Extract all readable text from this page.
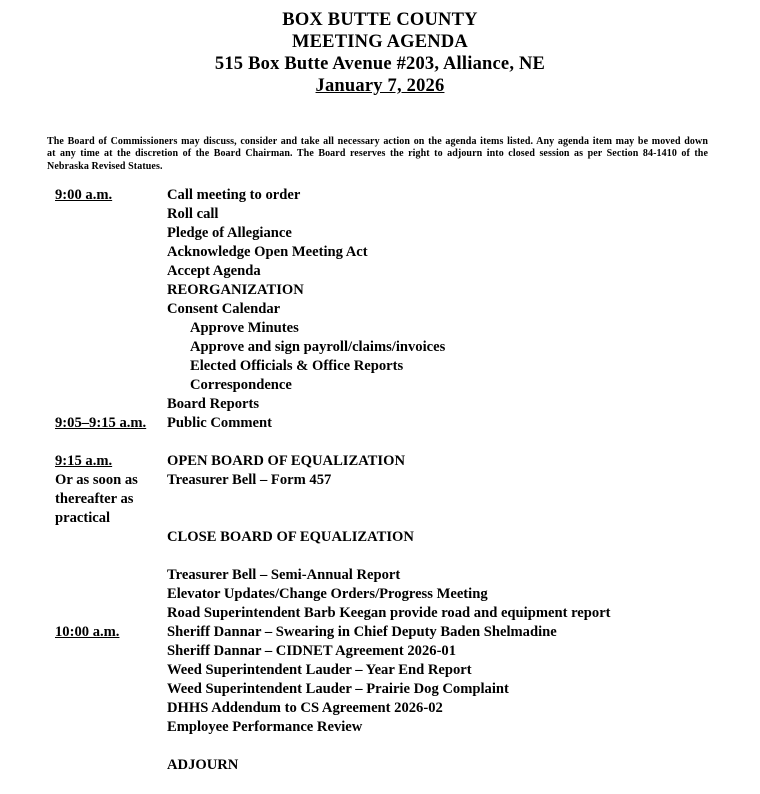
BOX BUTTE COUNTY
MEETING AGENDA
515 Box Butte Avenue #203, Alliance, NE
January 7, 2026
The Board of Commissioners may discuss, consider and take all necessary action on the agenda items listed. Any agenda item may be moved down
at any time at the discretion of the Board Chairman. The Board reserves the right to adjourn into closed session as per Section 84-1410 of the
Nebraska Revised Statues.
9:00 a.m.	Call meeting to order
Roll call
Pledge of Allegiance
Acknowledge Open Meeting Act
Accept Agenda
REORGANIZATION
Consent Calendar
Approve Minutes
Approve and sign payroll/claims/invoices
Elected Officials & Office Reports
Correspondence
Board Reports
9:05–9:15 a.m.	Public Comment
9:15 a.m.	OPEN BOARD OF EQUALIZATION
Or as soon as	Treasurer Bell – Form 457
thereafter as
practical
CLOSE BOARD OF EQUALIZATION
Treasurer Bell – Semi-Annual Report
Elevator Updates/Change Orders/Progress Meeting
Road Superintendent Barb Keegan provide road and equipment report
10:00 a.m.	Sheriff Dannar – Swearing in Chief Deputy Baden Shelmadine
Sheriff Dannar – CIDNET Agreement 2026-01
Weed Superintendent Lauder – Year End Report
Weed Superintendent Lauder – Prairie Dog Complaint
DHHS Addendum to CS Agreement 2026-02
Employee Performance Review
ADJOURN
